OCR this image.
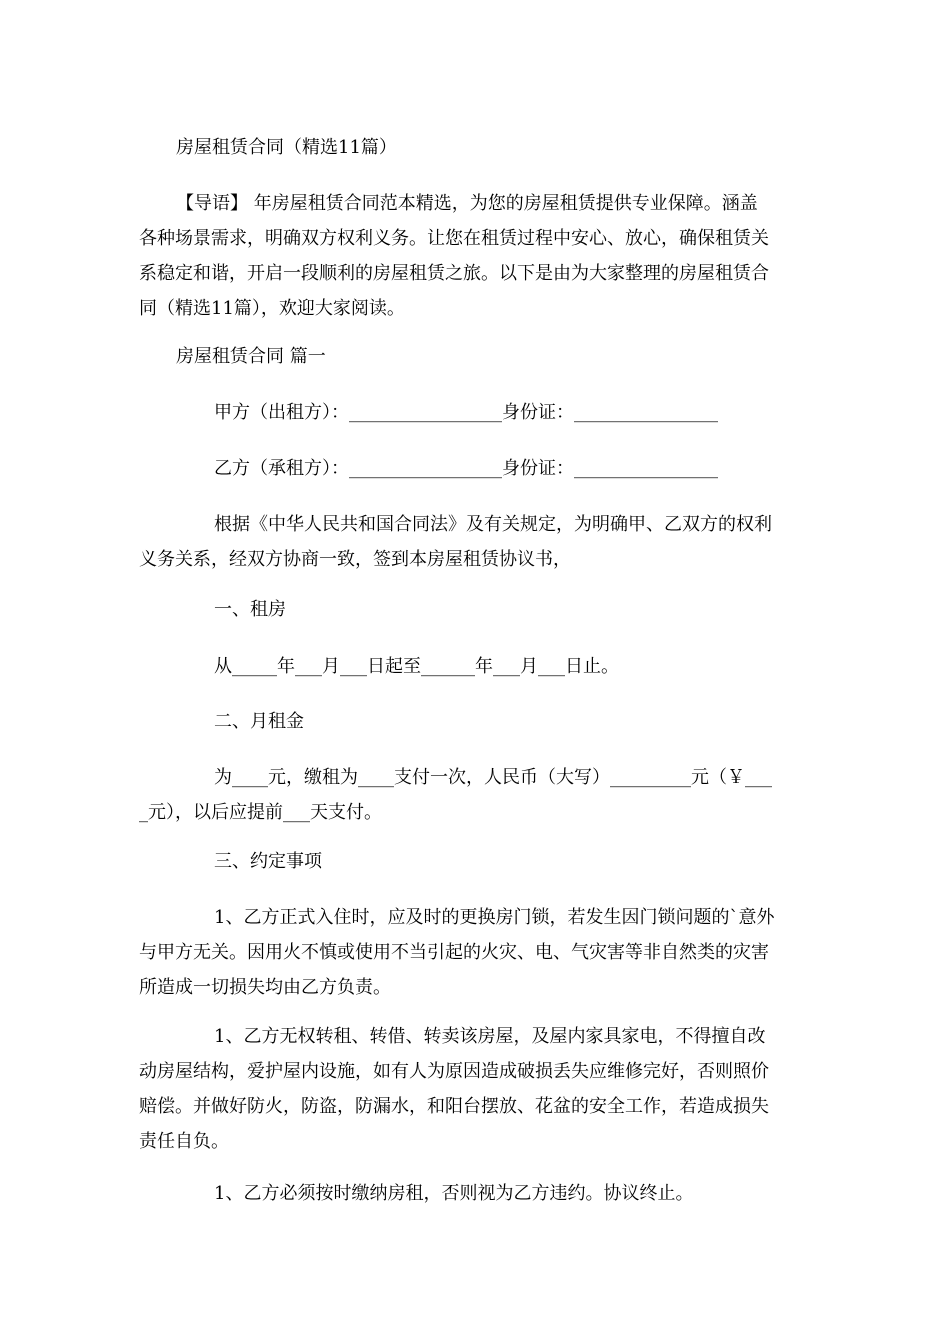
房屋租赁合同（精选11篇）

【导语】 年房屋租赁合同范本精选，为您的房屋租赁提供专业保障。涵盖

各种场景需求，明确双方权利义务。让您在租赁过程中安心、放心，确保租赁关

系稳定和谐，开启一段顺利的房屋租赁之旅。以下是由为大家整理的房屋租赁合

同（精选11篇），欢迎大家阅读。

房屋租赁合同 篇一

甲方（出租方）：_________________身份证：________________

乙方（承租方）：_________________身份证：________________

根据《中华人民共和国合同法》及有关规定，为明确甲、乙双方的权利

义务关系，经双方协商一致，签到本房屋租赁协议书，

一、租房

从_____年___月___日起至______年___月___日止。

二、月租金

为____元，缴租为____支付一次，人民币（大写）_________元（￥___

_元），以后应提前___天支付。

三、约定事项

1、乙方正式入住时，应及时的更换房门锁，若发生因门锁问题的`意外

与甲方无关。因用火不慎或使用不当引起的火灾、电、气灾害等非自然类的灾害

所造成一切损失均由乙方负责。

1、乙方无权转租、转借、转卖该房屋，及屋内家具家电，不得擅自改

动房屋结构，爱护屋内设施，如有人为原因造成破损丢失应维修完好，否则照价

赔偿。并做好防火，防盗，防漏水，和阳台摆放、花盆的安全工作，若造成损失

责任自负。

1、乙方必须按时缴纳房租，否则视为乙方违约。协议终止。
